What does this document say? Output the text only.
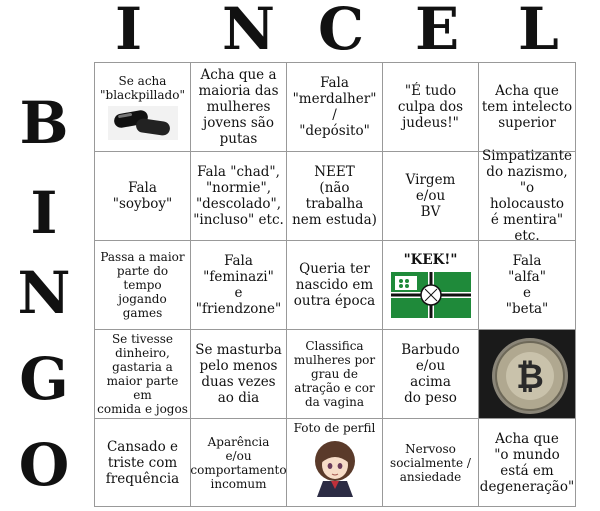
I N C E L
B
I
N
G
O
Se acha
"blackpillado"
Acha que a
maioria das
mulheres
jovens são
putas
Fala
"merdalher"
/
"depósito"
"É tudo
culpa dos
judeus!"
Acha que
tem intelecto
superior
Fala
"soyboy"
Fala "chad",
"normie",
"descolado",
"incluso" etc.
NEET
(não trabalha
nem estuda)
Virgem
e/ou
BV
Simpatizante
do nazismo,
"o holocausto
é mentira"
etc.
Passa a maior
parte do
tempo
jogando
games
Fala
"feminazi"
e
"friendzone"
Queria ter
nascido em
outra época
"KEK!"	Fala
"alfa"
e
"beta"
Se tivesse
dinheiro,
gastaria a
maior parte em
comida e jogos
Se masturba
pelo menos
duas vezes
ao dia
Classifica
mulheres por
grau de
atração e cor
da vagina
Barbudo
e/ou
acima
do peso
₿
Cansado e
triste com
frequência
Aparência
e/ou
comportamento
incomum
Foto de perfil
Nervoso
socialmente /
ansiedade
Acha que
"o mundo
está em
degeneração"
